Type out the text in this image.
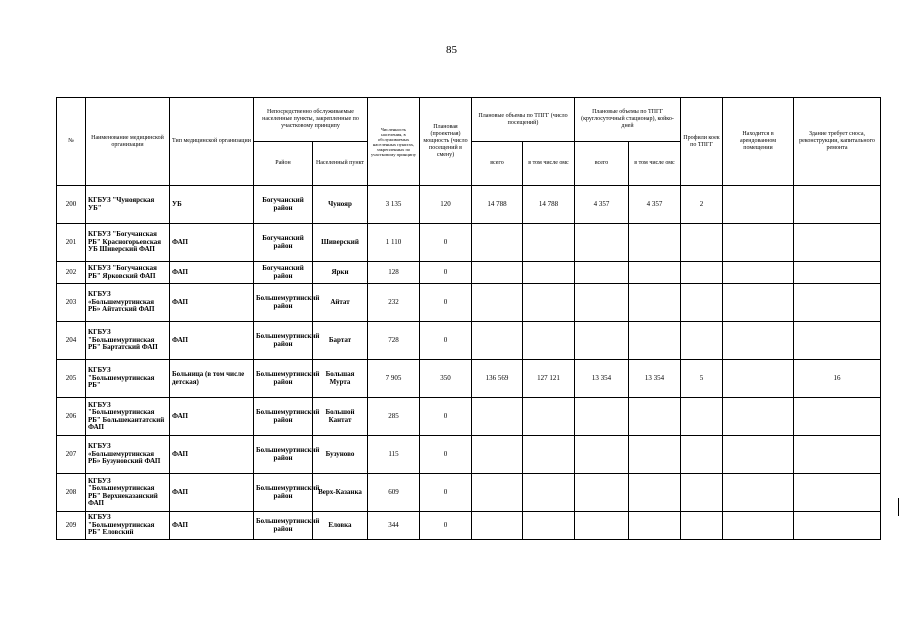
85
№	Наименование медицинской организации	Тип медицинской организации	Непосредственно обслуживаемые населенные пункты, закрепленные по участковому принципу		Численность населения, в обслуживаемых населенных пунктах, закрепленных по участковому принципу	Плановая (проектная) мощность (число посещений в смену)	Плановые объемы по ТПГГ (число посещений)		Плановые объемы по ТПГГ (круглосуточный стационар), койко-дней		Профили коек по ТПГГ	Находится в арендованном помещении	Здание требует сноса, реконструкции, капитального ремонта
			Район	Населенный пункт			всего	в том числе омс	всего	в том числе омс			
200	КГБУЗ "Чуноярская УБ"	УБ	Богучанский район	Чунояр	3 135	120	14 788	14 788	4 357	4 357	2		
201	КГБУЗ "Богучанская РБ" Красногорьевская УБ Шиверский ФАП	ФАП	Богучанский район	Шиверский	1 110	0							
202	КГБУЗ "Богучанская РБ" Ярковский ФАП	ФАП	Богучанский район	Ярки	128	0							
203	КГБУЗ «Большемуртинская РБ» Айтатский ФАП	ФАП	Большемуртинский район	Айтат	232	0							
204	КГБУЗ "Большемуртинская РБ" Бартатский ФАП	ФАП	Большемуртинский район	Бартат	728	0							
205	КГБУЗ "Большемуртинская РБ"	Больница (в том числе детская)	Большемуртинский район	Большая Мурта	7 905	350	136 569	127 121	13 354	13 354	5		16
206	КГБУЗ "Большемуртинская РБ" Большекантатский ФАП	ФАП	Большемуртинский район	Большой Кантат	285	0							
207	КГБУЗ «Большемуртинская РБ» Бузуновский ФАП	ФАП	Большемуртинский район	Бузуново	115	0							
208	КГБУЗ "Большемуртинская РБ" Верхнеказанский ФАП	ФАП	Большемуртинский район	Верх-Казанка	609	0							
209	КГБУЗ "Большемуртинская РБ" Еловский	ФАП	Большемуртинский район	Еловка	344	0							
